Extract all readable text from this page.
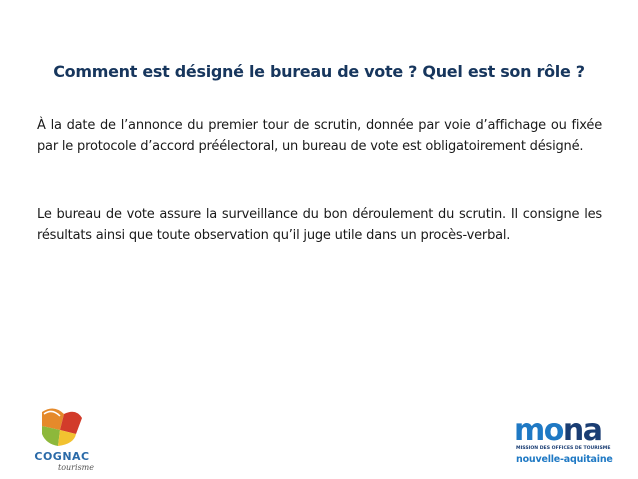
Comment est désigné le bureau de vote ? Quel est son rôle ?

À la date de l’annonce du premier tour de scrutin, donnée par voie d’affichage ou fixée par le protocole d’accord préélectoral, un bureau de vote est obligatoirement désigné.

Le bureau de vote assure la surveillance du bon déroulement du scrutin. Il consigne les résultats ainsi que toute observation qu’il juge utile dans un procès-verbal.

COGNAC
tourisme
mona
MISSION DES OFFICES DE TOURISME
nouvelle-aquitaine
